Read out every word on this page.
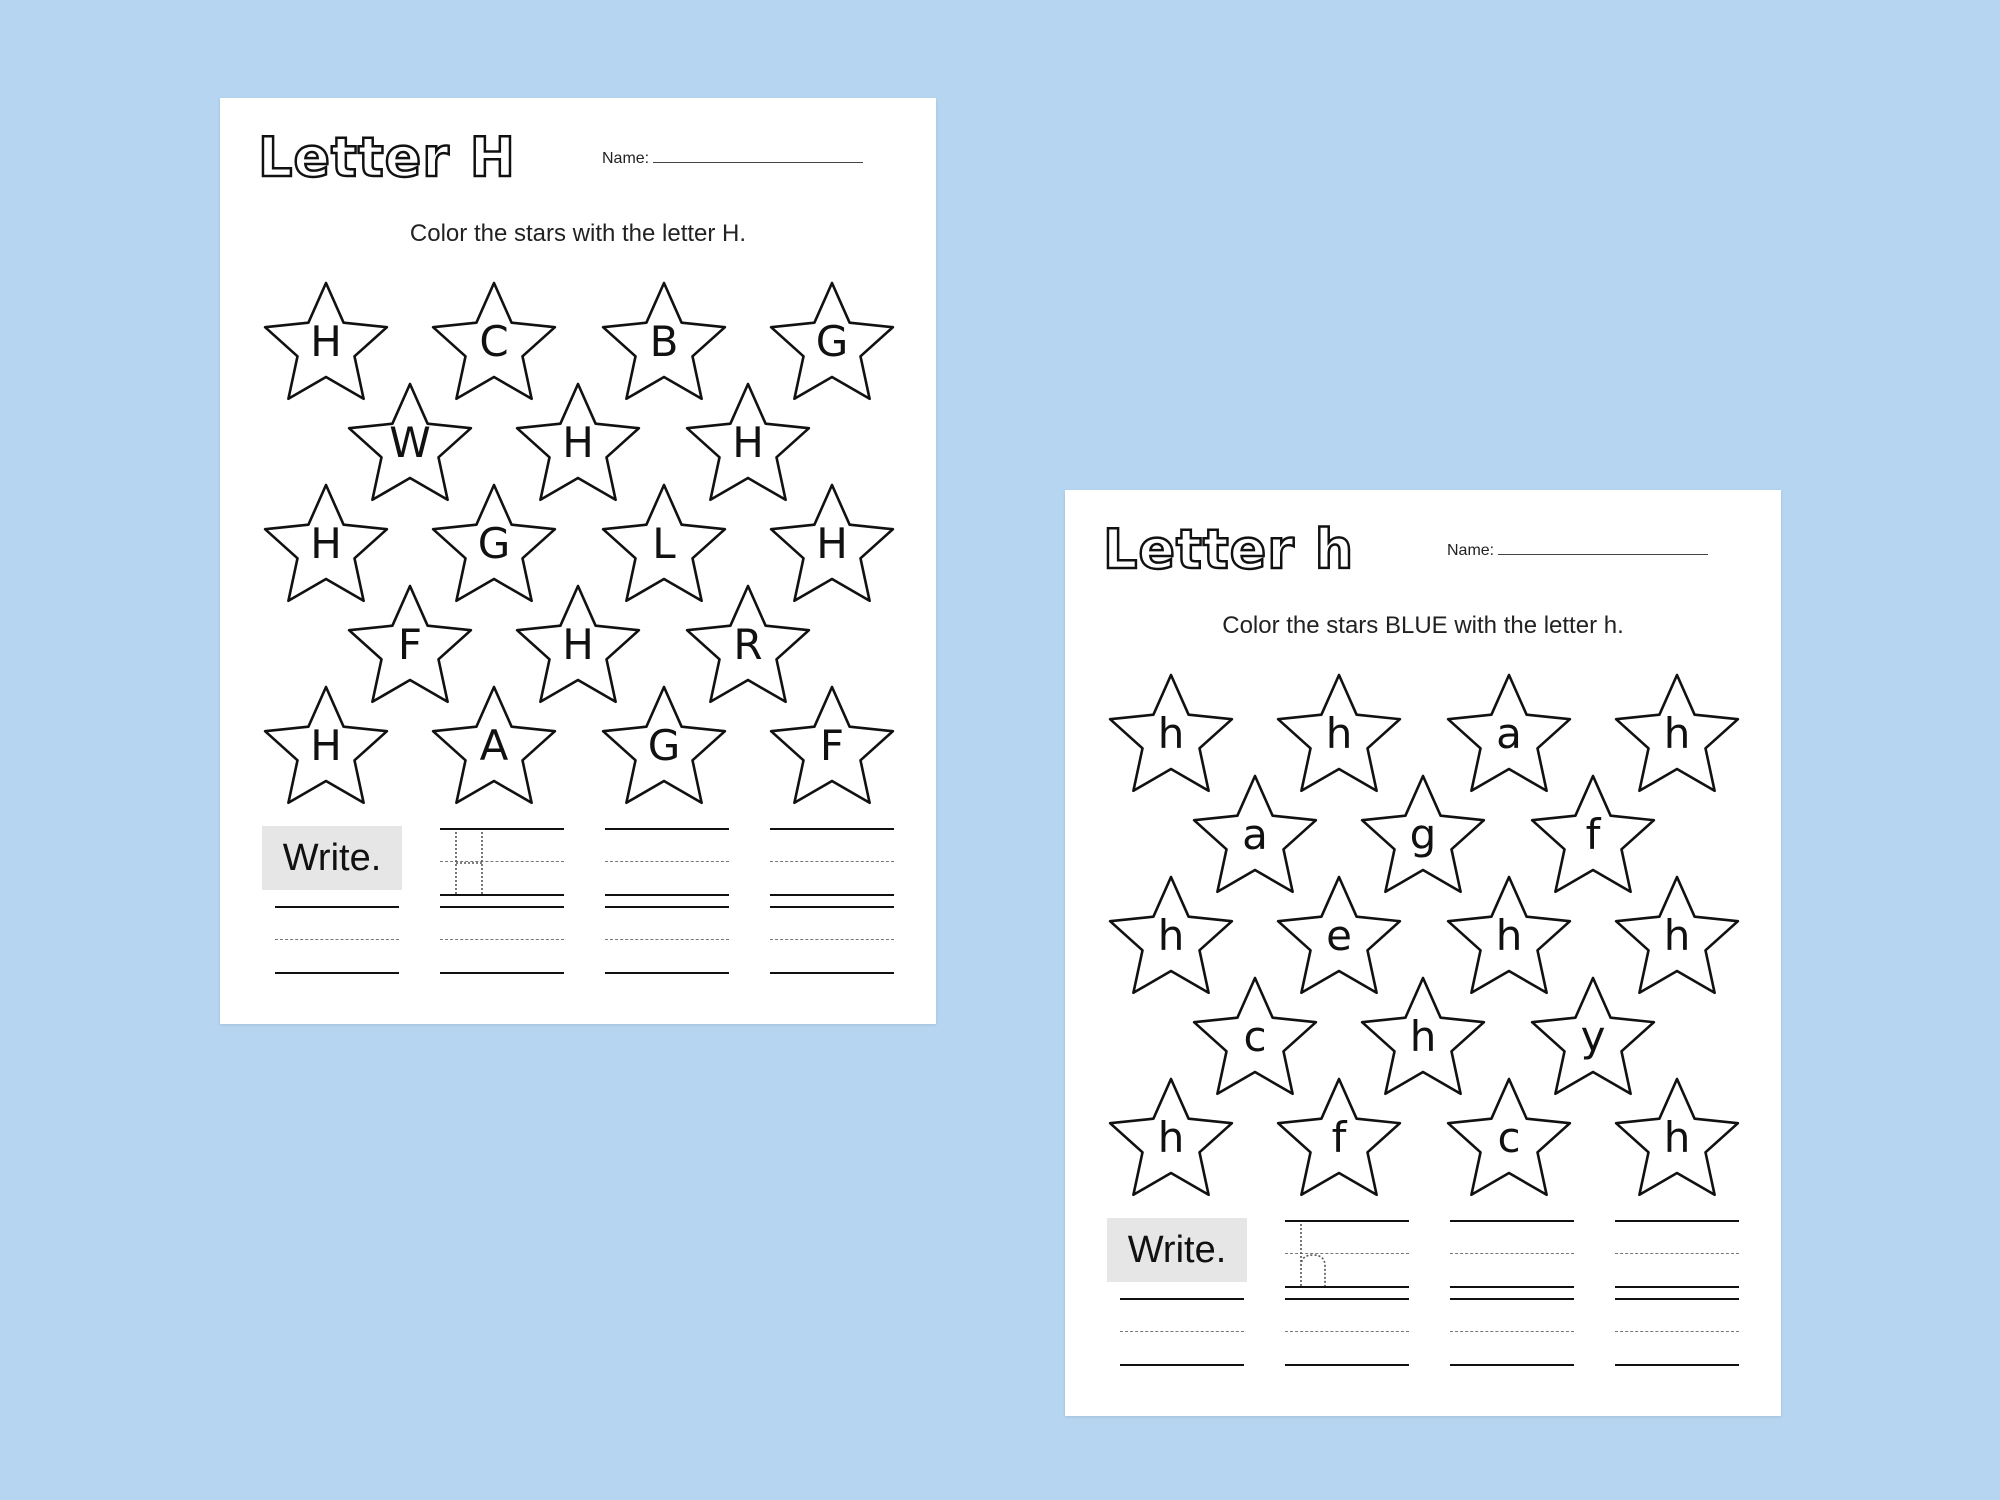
Letter H	Name:
Color the stars with the letter H.
H	C	B	G
W	H	H
H	G	L	H
F	H	R
H	A	G	F
Write.
Letter h	Name:
Color the stars BLUE with the letter h.
h	h	a	h
a	g	f
h	e	h	h
c	h	y
h	f	c	h
Write.
